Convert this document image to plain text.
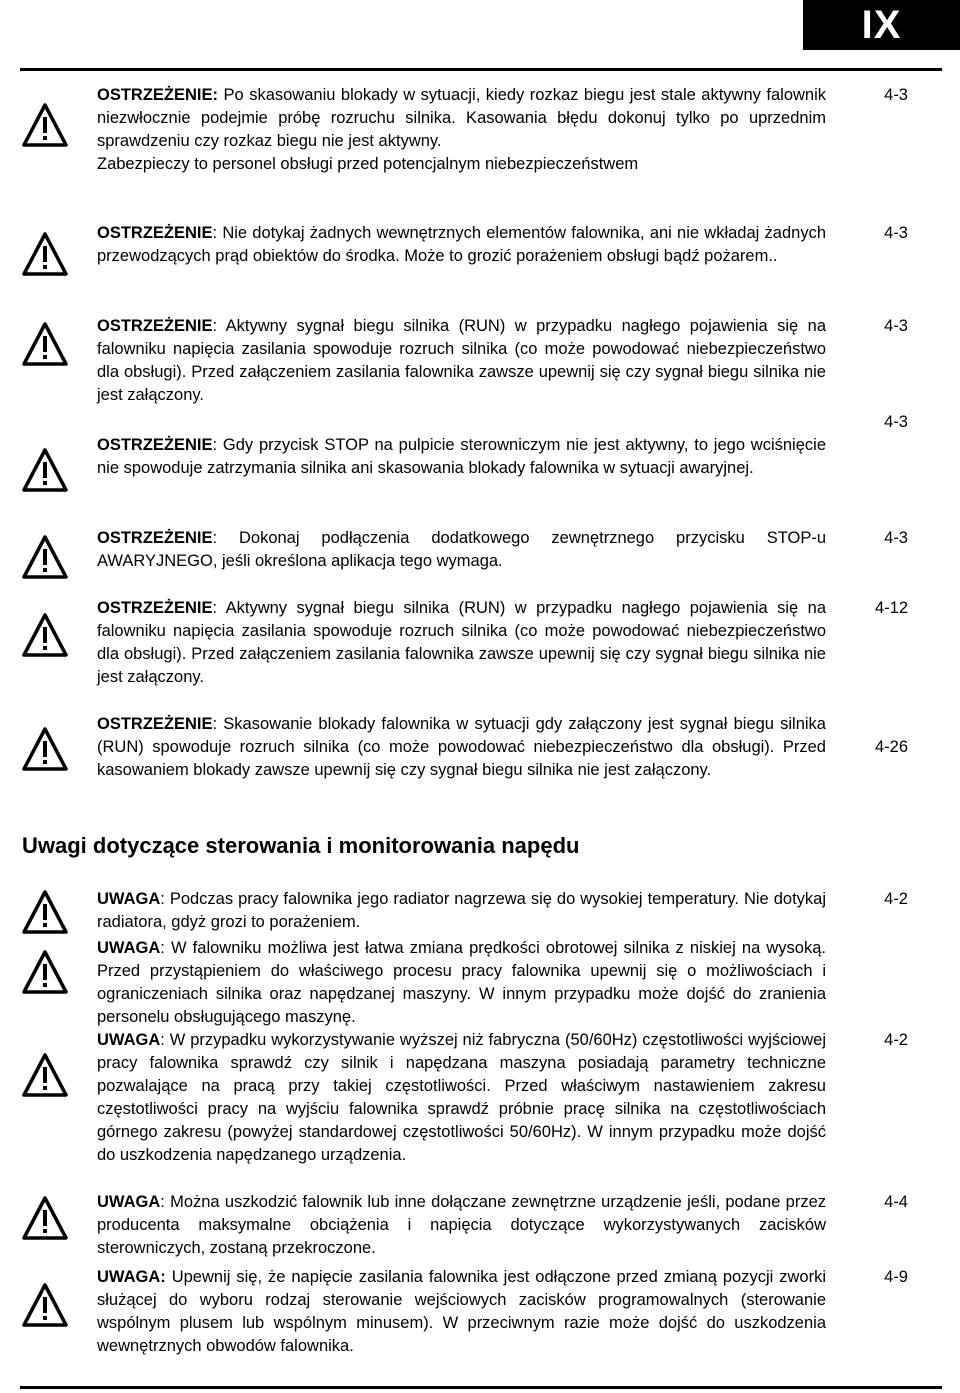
IX

OSTRZEŻENIE: Po skasowaniu blokady w sytuacji, kiedy rozkaz biegu jest stale aktywny falownik niezwłocznie podejmie próbę rozruchu silnika. Kasowania błędu dokonuj tylko po uprzednim sprawdzeniu czy rozkaz biegu nie jest aktywny.

Zabezpieczy to personel obsługi przed potencjalnym niebezpieczeństwem

4-3

OSTRZEŻENIE: Nie dotykaj żadnych wewnętrznych elementów falownika, ani nie wkładaj żadnych przewodzących prąd obiektów do środka. Może to grozić porażeniem obsługi bądź pożarem..

4-3

OSTRZEŻENIE: Aktywny sygnał biegu silnika (RUN) w przypadku nagłego pojawienia się na falowniku napięcia zasilania spowoduje rozruch silnika (co może powodować niebezpieczeństwo dla obsługi). Przed załączeniem zasilania falownika zawsze upewnij się czy sygnał biegu silnika nie jest załączony.

4-3

OSTRZEŻENIE: Gdy przycisk STOP na pulpicie sterowniczym nie jest aktywny, to jego wciśnięcie nie spowoduje zatrzymania silnika ani skasowania blokady falownika w sytuacji awaryjnej.

4-3

OSTRZEŻENIE: Dokonaj podłączenia dodatkowego zewnętrznego przycisku STOP-u AWARYJNEGO, jeśli określona aplikacja tego wymaga.

4-3

OSTRZEŻENIE: Aktywny sygnał biegu silnika (RUN) w przypadku nagłego pojawienia się na falowniku napięcia zasilania spowoduje rozruch silnika (co może powodować niebezpieczeństwo dla obsługi). Przed załączeniem zasilania falownika zawsze upewnij się czy sygnał biegu silnika nie jest załączony.

4-12

OSTRZEŻENIE: Skasowanie blokady falownika w sytuacji gdy załączony jest sygnał biegu silnika (RUN) spowoduje rozruch silnika (co może powodować niebezpieczeństwo dla obsługi). Przed kasowaniem blokady zawsze upewnij się czy sygnał biegu silnika nie jest załączony.

4-26
Uwagi dotyczące sterowania i monitorowania napędu

UWAGA: Podczas pracy falownika jego radiator nagrzewa się do wysokiej temperatury. Nie dotykaj radiatora, gdyż grozi to porażeniem.

4-2

UWAGA: W falowniku możliwa jest łatwa zmiana prędkości obrotowej silnika z niskiej na wysoką. Przed przystąpieniem do właściwego procesu pracy falownika upewnij się o możliwościach i ograniczeniach silnika oraz napędzanej maszyny. W innym przypadku może dojść do zranienia personelu obsługującego maszynę.

UWAGA: W przypadku wykorzystywanie wyższej niż fabryczna (50/60Hz) częstotliwości wyjściowej pracy falownika sprawdź czy silnik i napędzana maszyna posiadają parametry techniczne pozwalające na pracą przy takiej częstotliwości. Przed właściwym nastawieniem zakresu częstotliwości pracy na wyjściu falownika sprawdź próbnie pracę silnika na częstotliwościach górnego zakresu (powyżej standardowej częstotliwości 50/60Hz). W innym przypadku może dojść do uszkodzenia napędzanego urządzenia.

4-2

UWAGA: Można uszkodzić falownik lub inne dołączane zewnętrzne urządzenie jeśli, podane przez producenta maksymalne obciążenia i napięcia dotyczące wykorzystywanych zacisków sterowniczych, zostaną przekroczone.

4-4

UWAGA: Upewnij się, że napięcie zasilania falownika jest odłączone przed zmianą pozycji zworki służącej do wyboru rodzaj sterowanie wejściowych zacisków programowalnych (sterowanie wspólnym plusem lub wspólnym minusem). W przeciwnym razie może dojść do uszkodzenia wewnętrznych obwodów falownika.

4-9
